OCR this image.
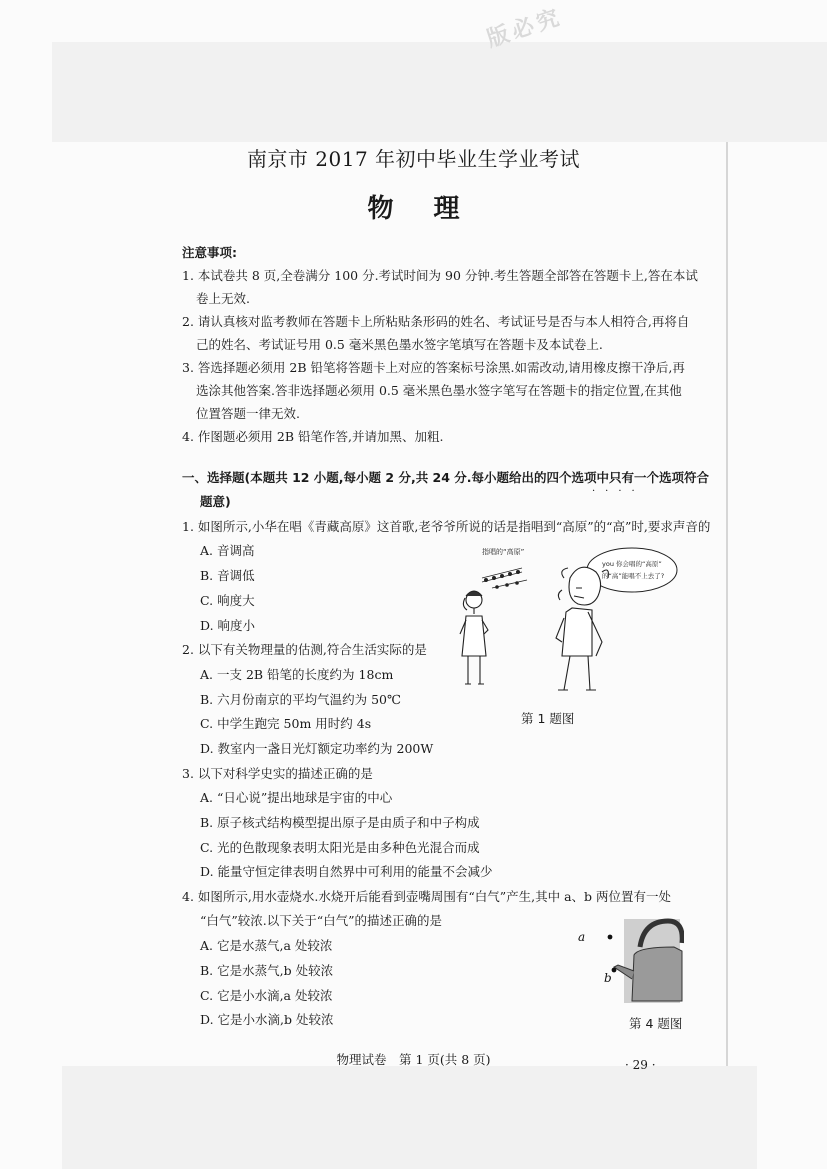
版必究
南京市 2017 年初中毕业生学业考试
物理
注意事项:
1. 本试卷共 8 页,全卷满分 100 分.考试时间为 90 分钟.考生答题全部答在答题卡上,答在本试
卷上无效.
2. 请认真核对监考教师在答题卡上所粘贴条形码的姓名、考试证号是否与本人相符合,再将自
己的姓名、考试证号用 0.5 毫米黑色墨水签字笔填写在答题卡及本试卷上.
3. 答选择题必须用 2B 铅笔将答题卡上对应的答案标号涂黑.如需改动,请用橡皮擦干净后,再
选涂其他答案.答非选择题必须用 0.5 毫米黑色墨水签字笔写在答题卡的指定位置,在其他
位置答题一律无效.
4. 作图题必须用 2B 铅笔作答,并请加黑、加粗.
一、选择题(本题共 12 小题,每小题 2 分,共 24 分.每小题给出的四个选项中只有一个选项符合
····
题意)
1. 如图所示,小华在唱《青藏高原》这首歌,老爷爷所说的话是指唱到“高原”的“高”时,要求声音的
A. 音调高
B. 音调低
C. 响度大
D. 响度小
2. 以下有关物理量的估测,符合生活实际的是
A. 一支 2B 铅笔的长度约为 18cm
B. 六月份南京的平均气温约为 50℃
C. 中学生跑完 50m 用时约 4s
D. 教室内一盏日光灯额定功率约为 200W
3. 以下对科学史实的描述正确的是
A. “日心说”提出地球是宇宙的中心
B. 原子核式结构模型提出原子是由质子和中子构成
C. 光的色散现象表明太阳光是由多种色光混合而成
D. 能量守恒定律表明自然界中可利用的能量不会减少
4. 如图所示,用水壶烧水.水烧开后能看到壶嘴周围有“白气”产生,其中 a、b 两位置有一处
“白气”较浓.以下关于“白气”的描述正确的是
A. 它是水蒸气,a 处较浓
B. 它是水蒸气,b 处较浓
C. 它是小水滴,a 处较浓
D. 它是小水滴,b 处较浓
指唱的“高原”
you 你会唱的“高原”
的“高”能唱不上去了?
第 1 题图
a
b
第 4 题图
物理试卷　第 1 页(共 8 页)	· 29 ·
